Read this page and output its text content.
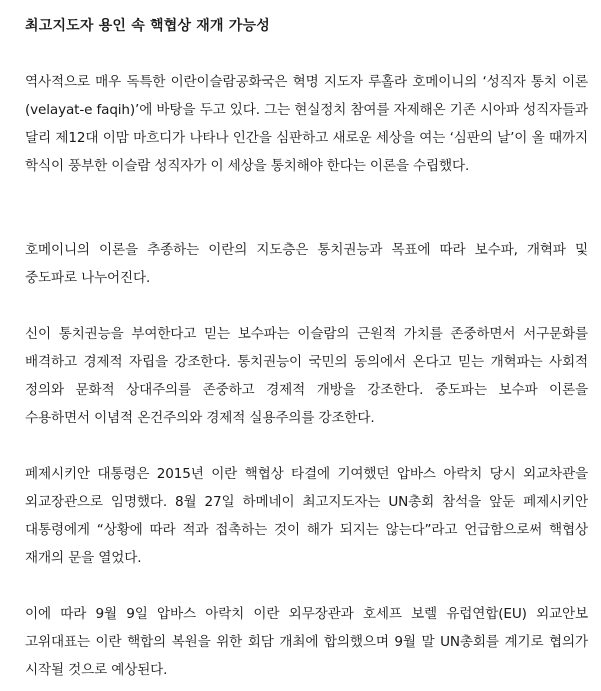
최고지도자 용인 속 핵협상 재개 가능성

역사적으로 매우 독특한 이란이슬람공화국은 혁명 지도자 루홀라 호메이니의 ‘성직자 통치 이론(velayat-e faqih)’에 바탕을 두고 있다. 그는 현실정치 참여를 자제해온 기존 시아파 성직자들과 달리 제12대 이맘 마흐디가 나타나 인간을 심판하고 새로운 세상을 여는 ‘심판의 날’이 올 때까지 학식이 풍부한 이슬람 성직자가 이 세상을 통치해야 한다는 이론을 수립했다.

호메이니의 이론을 추종하는 이란의 지도층은 통치권능과 목표에 따라 보수파, 개혁파 및 중도파로 나누어진다.

신이 통치권능을 부여한다고 믿는 보수파는 이슬람의 근원적 가치를 존중하면서 서구문화를 배격하고 경제적 자립을 강조한다. 통치권능이 국민의 동의에서 온다고 믿는 개혁파는 사회적 정의와 문화적 상대주의를 존중하고 경제적 개방을 강조한다. 중도파는 보수파 이론을 수용하면서 이념적 온건주의와 경제적 실용주의를 강조한다.

페제시키안 대통령은 2015년 이란 핵협상 타결에 기여했던 압바스 아락치 당시 외교차관을 외교장관으로 임명했다. 8월 27일 하메네이 최고지도자는 UN총회 참석을 앞둔 페제시키안 대통령에게 “상황에 따라 적과 접촉하는 것이 해가 되지는 않는다”라고 언급함으로써 핵협상 재개의 문을 열었다.

이에 따라 9월 9일 압바스 아락치 이란 외무장관과 호세프 보렐 유럽연합(EU) 외교안보 고위대표는 이란 핵합의 복원을 위한 회담 개최에 합의했으며 9월 말 UN총회를 계기로 협의가 시작될 것으로 예상된다.
